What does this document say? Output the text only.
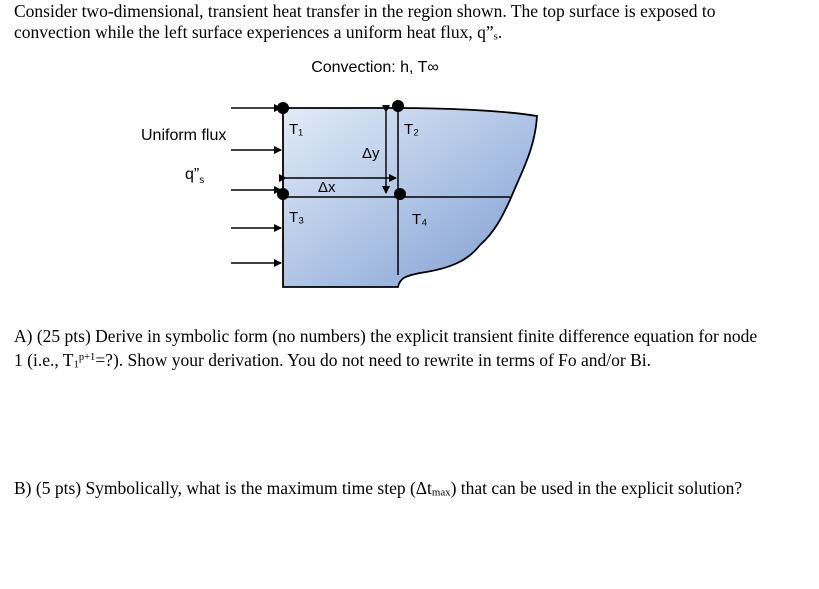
Consider two-dimensional, transient heat transfer in the region shown. The top surface is exposed to
convection while the left surface experiences a uniform heat flux, q”s.

Convection: h, T∞
Uniform flux
$q”_s$
T₁	T₂
T₃	T₄
Δx
Δy

A) (25 pts) Derive in symbolic form (no numbers) the explicit transient finite difference equation for node
1 (i.e., $T1^{p+1}=$?). Show your derivation. You do not need to rewrite in terms of Fo and/or Bi.

B) (5 pts) Symbolically, what is the maximum time step (Δtmax) that can be used in the explicit solution?
